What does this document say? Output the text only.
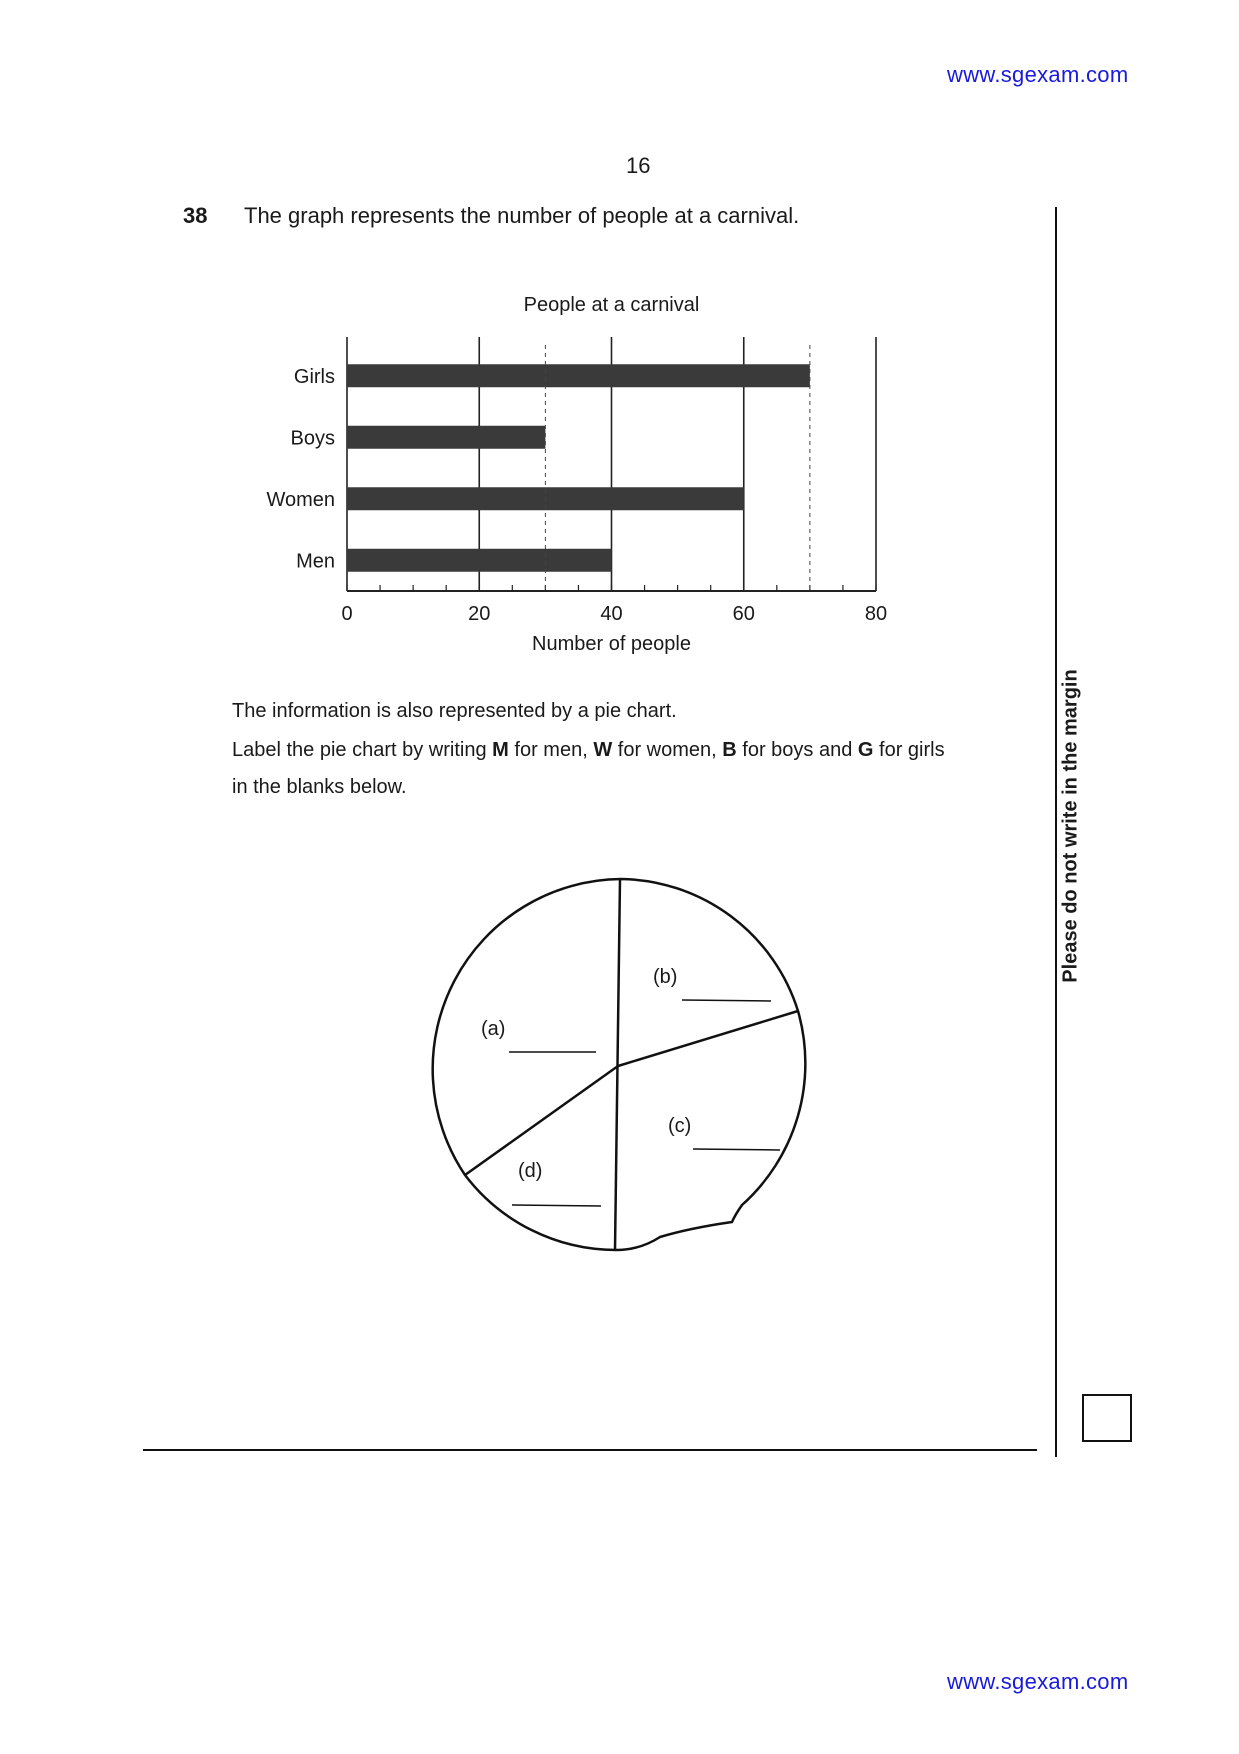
www.sgexam.com
16
38 The graph represents the number of people at a carnival.
People at a carnival
Girls
Boys
Women
Men
0	20	40	60	80
Number of people
The information is also represented by a pie chart.
Label the pie chart by writing M for men, W for women, B for boys and G for girls
in the blanks below.
(a)
(b)
(c)
(d)
Please do not write in the margin
www.sgexam.com
